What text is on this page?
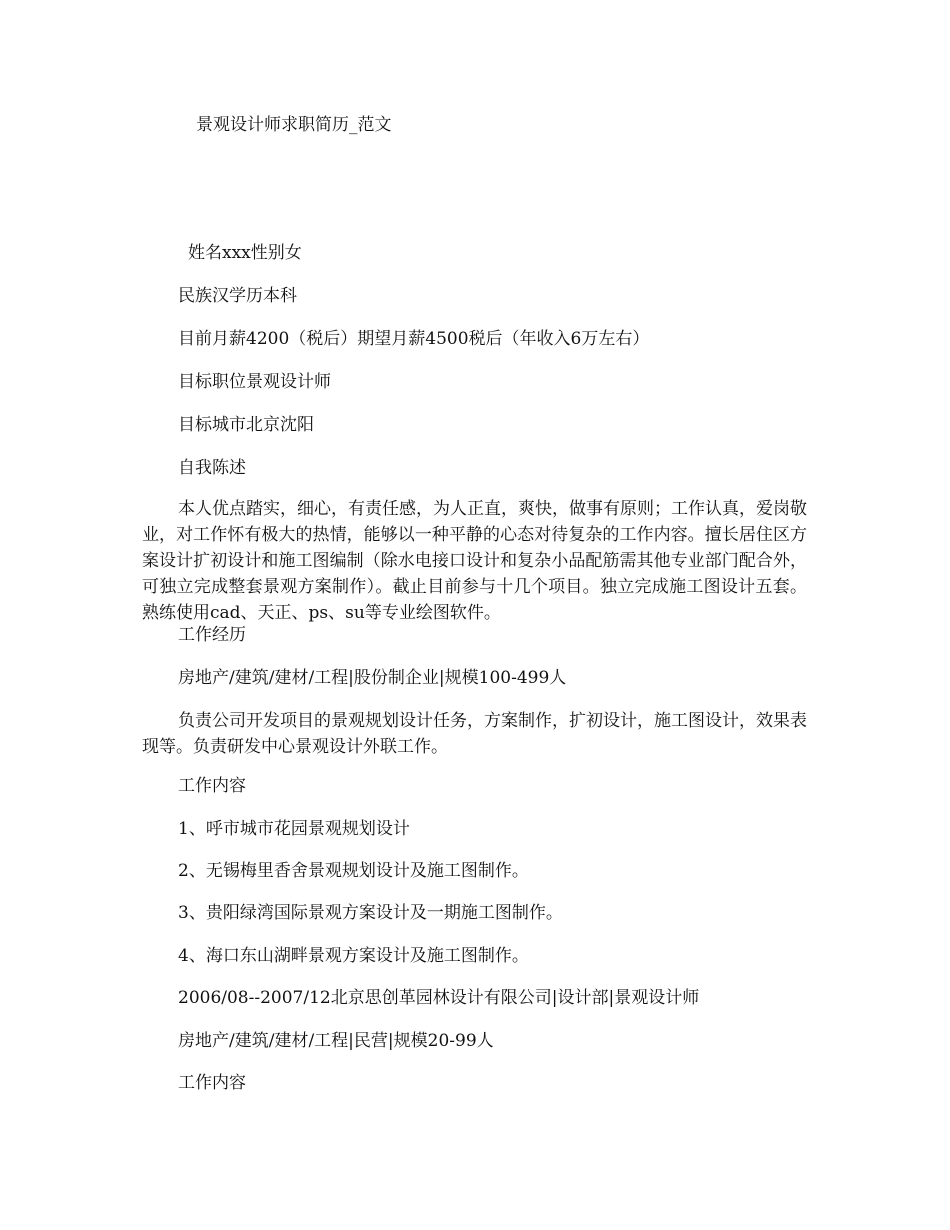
景观设计师求职简历_范文
姓名xxx性别女
民族汉学历本科
目前月薪4200（税后）期望月薪4500税后（年收入6万左右）
目标职位景观设计师
目标城市北京沈阳
自我陈述
本人优点踏实，细心，有责任感，为人正直，爽快，做事有原则；工作认真，爱岗敬业，对工作怀有极大的热情，能够以一种平静的心态对待复杂的工作内容。擅长居住区方案设计扩初设计和施工图编制（除水电接口设计和复杂小品配筋需其他专业部门配合外，可独立完成整套景观方案制作）。截止目前参与十几个项目。独立完成施工图设计五套。熟练使用cad、天正、ps、su等专业绘图软件。
工作经历
房地产/建筑/建材/工程|股份制企业|规模100-499人
负责公司开发项目的景观规划设计任务，方案制作，扩初设计，施工图设计，效果表现等。负责研发中心景观设计外联工作。
工作内容
1、呼市城市花园景观规划设计
2、无锡梅里香舍景观规划设计及施工图制作。
3、贵阳绿湾国际景观方案设计及一期施工图制作。
4、海口东山湖畔景观方案设计及施工图制作。
2006/08--2007/12北京思创革园林设计有限公司|设计部|景观设计师
房地产/建筑/建材/工程|民营|规模20-99人
工作内容
